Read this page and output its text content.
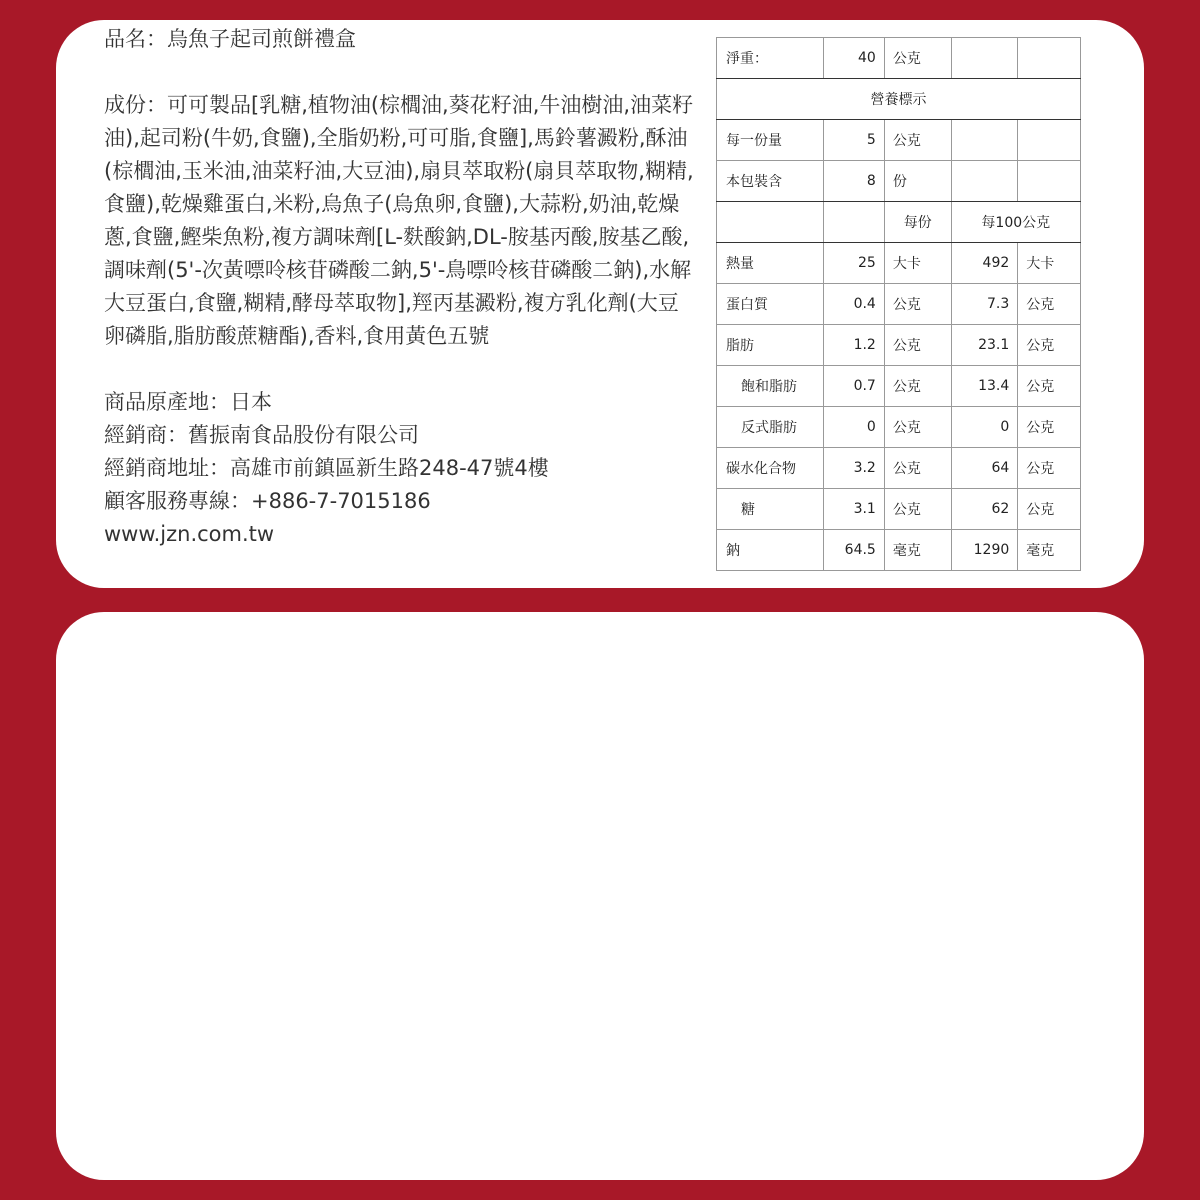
品名：烏魚子起司煎餅禮盒

成份：可可製品[乳糖,植物油(棕櫚油,葵花籽油,牛油樹油,油菜籽油),起司粉(牛奶,食鹽),全脂奶粉,可可脂,食鹽],馬鈴薯澱粉,酥油(棕櫚油,玉米油,油菜籽油,大豆油),扇貝萃取粉(扇貝萃取物,糊精,食鹽),乾燥雞蛋白,米粉,烏魚子(烏魚卵,食鹽),大蒜粉,奶油,乾燥蔥,食鹽,鰹柴魚粉,複方調味劑[L-麩酸鈉,DL-胺基丙酸,胺基乙酸,調味劑(5'-次黃嘌呤核苷磷酸二鈉,5'-鳥嘌呤核苷磷酸二鈉),水解大豆蛋白,食鹽,糊精,酵母萃取物],羥丙基澱粉,複方乳化劑(大豆卵磷脂,脂肪酸蔗糖酯),香料,食用黃色五號

商品原產地：日本
經銷商：舊振南食品股份有限公司
經銷商地址：高雄市前鎮區新生路248-47號4樓
顧客服務專線：+886-7-7015186
www.jzn.com.tw
淨重：	40	公克		
營養標示				
每一份量	5	公克		
本包裝含	8	份		
		每份	每100公克	
熱量	25	大卡	492	大卡
蛋白質	0.4	公克	7.3	公克
脂肪	1.2	公克	23.1	公克
飽和脂肪	0.7	公克	13.4	公克
反式脂肪	0	公克	0	公克
碳水化合物	3.2	公克	64	公克
糖	3.1	公克	62	公克
鈉	64.5	毫克	1290	毫克
